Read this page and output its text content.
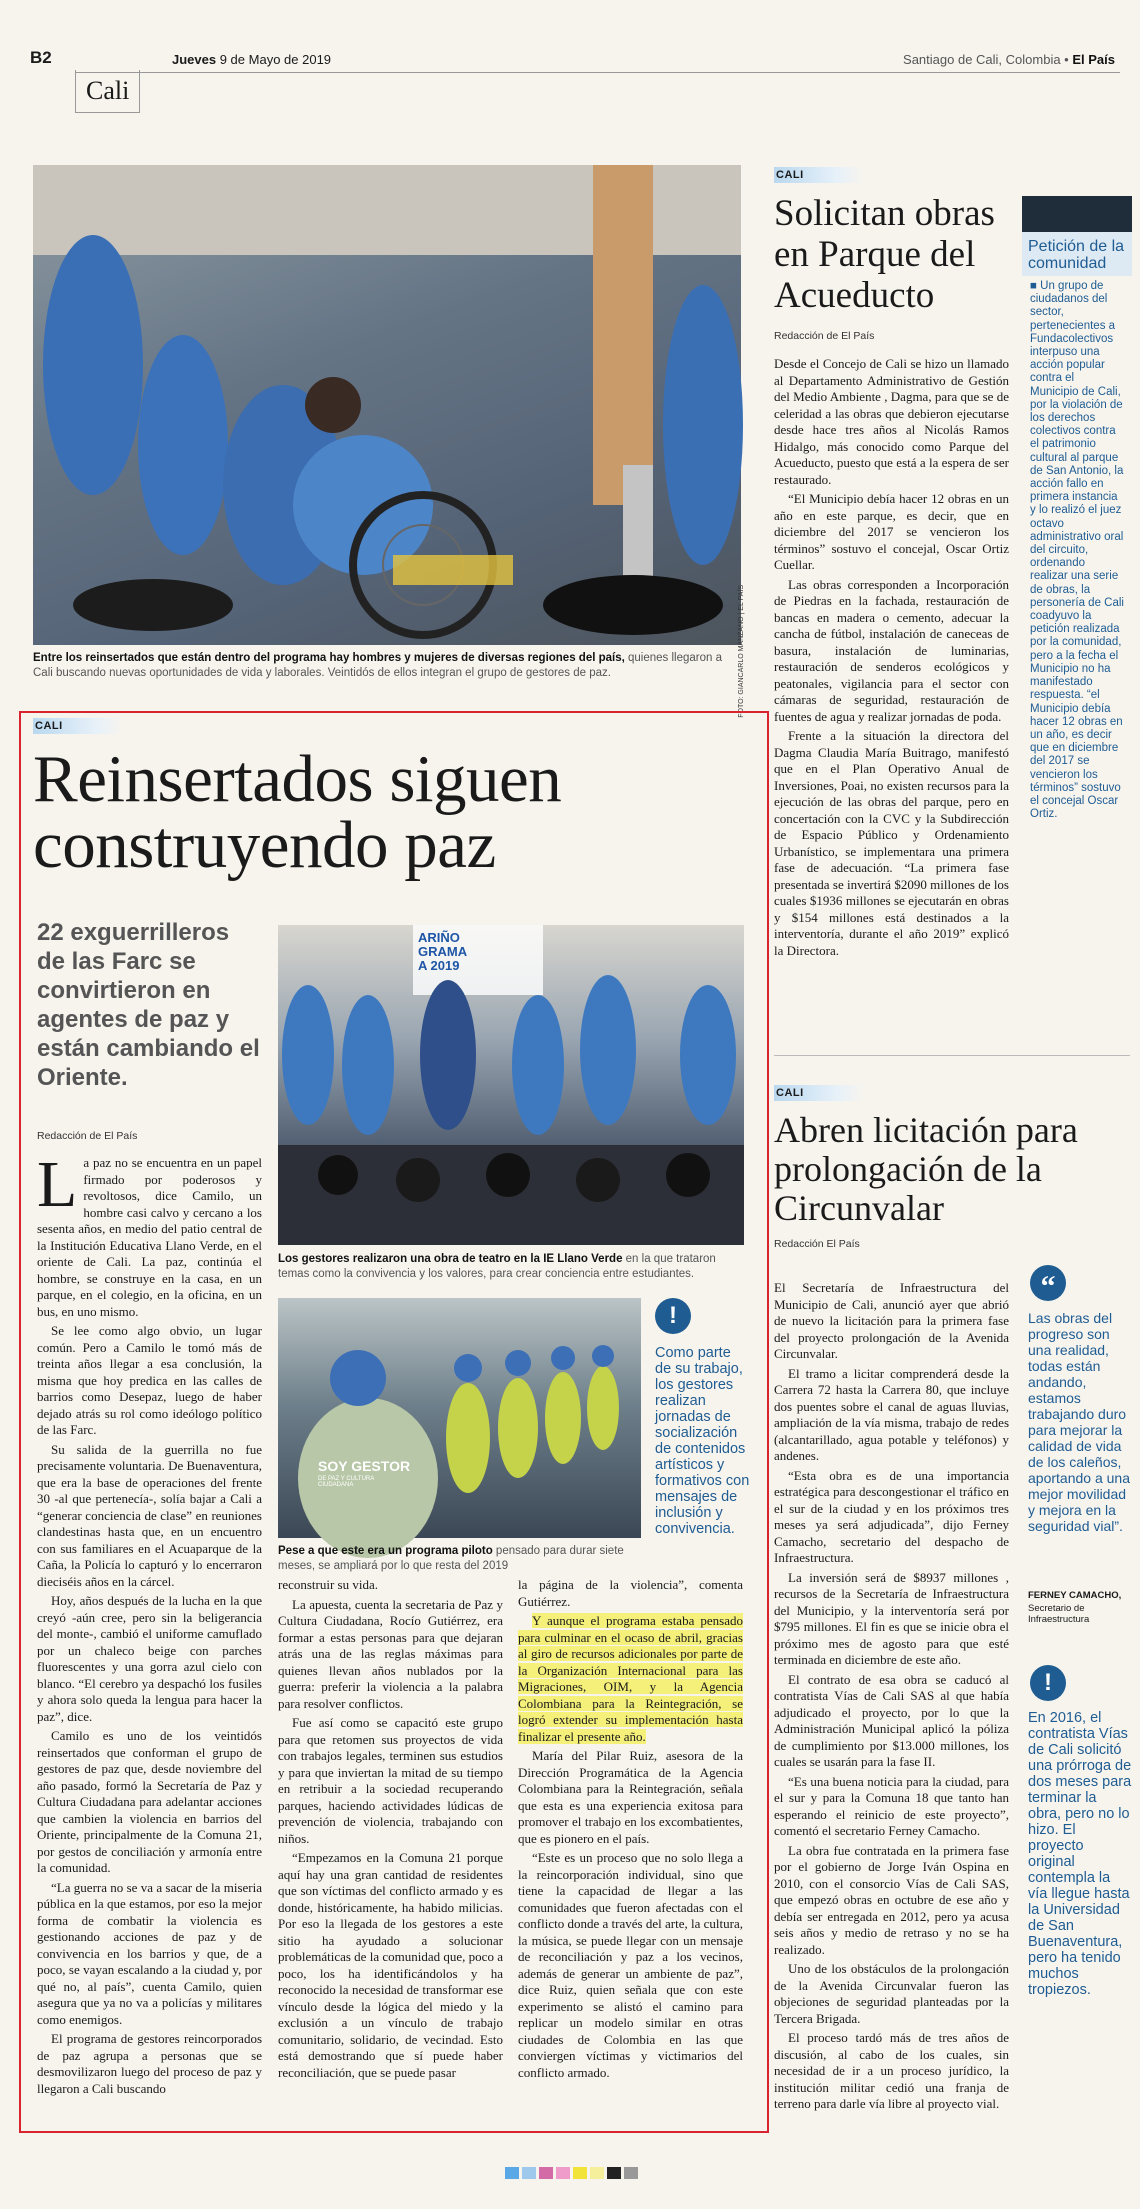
B2	Jueves 9 de Mayo de 2019	Santiago de Cali, Colombia • El País
Cali
FOTO: GIANCARLO MANZANO | EL PAÍS
Entre los reinsertados que están dentro del programa hay hombres y mujeres de diversas regiones del país, quienes llegaron a Cali buscando nuevas oportunidades de vida y laborales. Veintidós de ellos integran el grupo de gestores de paz.
CALI
Reinsertados siguen construyendo paz
22 exguerrilleros de las Farc se convirtieron en agentes de paz y están cambiando el Oriente.
Redacción de El País
ARIÑO
GRAMA
A 2019
Los gestores realizaron una obra de teatro en la IE Llano Verde en la que trataron temas como la convivencia y los valores, para crear conciencia entre estudiantes.
SOY GESTOR
DE PAZ Y CULTURA CIUDADANA
Pese a que este era un programa piloto pensado para durar siete meses, se ampliará por lo que resta del 2019
!
Como parte de su trabajo, los gestores realizan jornadas de socialización de contenidos artísticos y formativos con mensajes de inclusión y convivencia.
L a paz no se encuentra en un papel firmado por poderosos y revoltosos, dice Camilo, un hombre casi calvo y cercano a los sesenta años, en medio del patio central de la Institución Educativa Llano Verde, en el oriente de Cali. La paz, continúa el hombre, se construye en la casa, en un parque, en el colegio, en la oficina, en un bus, en uno mismo.

Se lee como algo obvio, un lugar común. Pero a Camilo le tomó más de treinta años llegar a esa conclusión, la misma que hoy predica en las calles de barrios como Desepaz, luego de haber dejado atrás su rol como ideólogo político de las Farc.

Su salida de la guerrilla no fue precisamente voluntaria. De Buenaventura, que era la base de operaciones del frente 30 -al que pertenecía-, solía bajar a Cali a “generar conciencia de clase” en reuniones clandestinas hasta que, en un encuentro con sus familiares en el Acuaparque de la Caña, la Policía lo capturó y lo encerraron dieciséis años en la cárcel.

Hoy, años después de la lucha en la que creyó -aún cree, pero sin la beligerancia del monte-, cambió el uniforme camuflado por un chaleco beige con parches fluorescentes y una gorra azul cielo con blanco. “El cerebro ya despachó los fusiles y ahora solo queda la lengua para hacer la paz”, dice.

Camilo es uno de los veintidós reinsertados que conforman el grupo de gestores de paz que, desde noviembre del año pasado, formó la Secretaría de Paz y Cultura Ciudadana para adelantar acciones que cambien la violencia en barrios del Oriente, principalmente de la Comuna 21, por gestos de conciliación y armonía entre la comunidad.

“La guerra no se va a sacar de la miseria pública en la que estamos, por eso la mejor forma de combatir la violencia es gestionando acciones de paz y de convivencia en los barrios y que, de a poco, se vayan escalando a la ciudad y, por qué no, al país”, cuenta Camilo, quien asegura que ya no va a policías y militares como enemigos.

El programa de gestores reincorporados de paz agrupa a personas que se desmovilizaron luego del proceso de paz y llegaron a Cali buscando

reconstruir su vida.

La apuesta, cuenta la secretaria de Paz y Cultura Ciudadana, Rocío Gutiérrez, era formar a estas personas para que dejaran atrás una de las reglas máximas para quienes llevan años nublados por la guerra: preferir la violencia a la palabra para resolver conflictos.

Fue así como se capacitó este grupo para que retomen sus proyectos de vida con trabajos legales, terminen sus estudios y para que inviertan la mitad de su tiempo en retribuir a la sociedad recuperando parques, haciendo actividades lúdicas de prevención de violencia, trabajando con niños.

“Empezamos en la Comuna 21 porque aquí hay una gran cantidad de residentes que son víctimas del conflicto armado y es donde, históricamente, ha habido milicias. Por eso la llegada de los gestores a este sitio ha ayudado a solucionar problemáticas de la comunidad que, poco a poco, los ha identificándolos y ha reconocido la necesidad de transformar ese vínculo desde la lógica del miedo y la exclusión a un vínculo de trabajo comunitario, solidario, de vecindad. Esto está demostrando que sí puede haber reconciliación, que se puede pasar

la página de la violencia”, comenta Gutiérrez.

Y aunque el programa estaba pensado para culminar en el ocaso de abril, gracias al giro de recursos adicionales por parte de la Organización Internacional para las Migraciones, OIM, y la Agencia Colombiana para la Reintegración, se logró extender su implementación hasta finalizar el presente año.

María del Pilar Ruiz, asesora de la Dirección Programática de la Agencia Colombiana para la Reintegración, señala que esta es una experiencia exitosa para promover el trabajo en los excombatientes, que es pionero en el país.

“Este es un proceso que no solo llega a la reincorporación individual, sino que tiene la capacidad de llegar a las comunidades que fueron afectadas con el conflicto donde a través del arte, la cultura, la música, se puede llegar con un mensaje de reconciliación y paz a los vecinos, además de generar un ambiente de paz”, dice Ruiz, quien señala que con este experimento se alistó el camino para replicar un modelo similar en otras ciudades de Colombia en las que conviergen víctimas y victimarios del conflicto armado.

CALI
Solicitan obras en Parque del Acueducto
Redacción de El País

Desde el Concejo de Cali se hizo un llamado al Departamento Administrativo de Gestión del Medio Ambiente , Dagma, para que se de celeridad a las obras que debieron ejecutarse desde hace tres años al Nicolás Ramos Hidalgo, más conocido como Parque del Acueducto, puesto que está a la espera de ser restaurado.

“El Municipio debía hacer 12 obras en un año en este parque, es decir, que en diciembre del 2017 se vencieron los términos” sostuvo el concejal, Oscar Ortiz Cuellar.

Las obras corresponden a Incorporación de Piedras en la fachada, restauración de bancas en madera o cemento, adecuar la cancha de fútbol, instalación de caneceas de basura, instalación de luminarias, restauración de senderos ecológicos y peatonales, vigilancia para el sector con cámaras de seguridad, restauración de fuentes de agua y realizar jornadas de poda.

Frente a la situación la directora del Dagma Claudia María Buitrago, manifestó que en el Plan Operativo Anual de Inversiones, Poai, no existen recursos para la ejecución de las obras del parque, pero en concertación con la CVC y la Subdirección de Espacio Público y Ordenamiento Urbanístico, se implementara una primera fase de adecuación. “La primera fase presentada se invertirá $2090 millones de los cuales $1936 millones se ejecutarán en obras y $154 millones está destinados a la interventoría, durante el año 2019” explicó la Directora.

Petición de la comunidad
■ Un grupo de ciudadanos del sector, pertenecientes a Fundacolectivos interpuso una acción popular contra el Municipio de Cali, por la violación de los derechos colectivos contra el patrimonio cultural al parque de San Antonio, la acción fallo en primera instancia y lo realizó el juez octavo administrativo oral del circuito, ordenando realizar una serie de obras, la personería de Cali coadyuvo la petición realizada por la comunidad, pero a la fecha el Municipio no ha manifestado respuesta. “el Municipio debía hacer 12 obras en un año, es decir que en diciembre del 2017 se vencieron los términos” sostuvo el concejal Oscar Ortiz.
CALI
Abren licitación para prolongación de la Circunvalar
Redacción El País

El Secretaría de Infraestructura del Municipio de Cali, anunció ayer que abrió de nuevo la licitación para la primera fase del proyecto prolongación de la Avenida Circunvalar.

El tramo a licitar comprenderá desde la Carrera 72 hasta la Carrera 80, que incluye dos puentes sobre el canal de aguas lluvias, ampliación de la vía misma, trabajo de redes (alcantarillado, agua potable y teléfonos) y andenes.

“Esta obra es de una importancia estratégica para descongestionar el tráfico en el sur de la ciudad y en los próximos tres meses ya será adjudicada”, dijo Ferney Camacho, secretario del despacho de Infraestructura.

La inversión será de $8937 millones , recursos de la Secretaría de Infraestructura del Municipio, y la interventoría será por $795 millones. El fin es que se inicie obra el próximo mes de agosto para que esté terminada en diciembre de este año.

El contrato de esa obra se caducó al contratista Vías de Cali SAS al que había adjudicado el proyecto, por lo que la Administración Municipal aplicó la póliza de cumplimiento por $13.000 millones, los cuales se usarán para la fase II.

“Es una buena noticia para la ciudad, para el sur y para la Comuna 18 que tanto han esperando el reinicio de este proyecto”, comentó el secretario Ferney Camacho.

La obra fue contratada en la primera fase por el gobierno de Jorge Iván Ospina en 2010, con el consorcio Vías de Cali SAS, que empezó obras en octubre de ese año y debía ser entregada en 2012, pero ya acusa seis años y medio de retraso y no se ha realizado.

Uno de los obstáculos de la prolongación de la Avenida Circunvalar fueron las objeciones de seguridad planteadas por la Tercera Brigada.

El proceso tardó más de tres años de discusión, al cabo de los cuales, sin necesidad de ir a un proceso jurídico, la institución militar cedió una franja de terreno para darle vía libre al proyecto vial.

“
Las obras del progreso son una realidad, todas están andando, estamos trabajando duro para mejorar la calidad de vida de los caleños, aportando a una mejor movilidad y mejora en la seguridad vial”.
FERNEY CAMACHO,
Secretario de Infraestructura
!
En 2016, el contratista Vías de Cali solicitó una prórroga de dos meses para terminar la obra, pero no lo hizo. El proyecto original contempla la vía llegue hasta la Universidad de San Buenaventura, pero ha tenido muchos tropiezos.
